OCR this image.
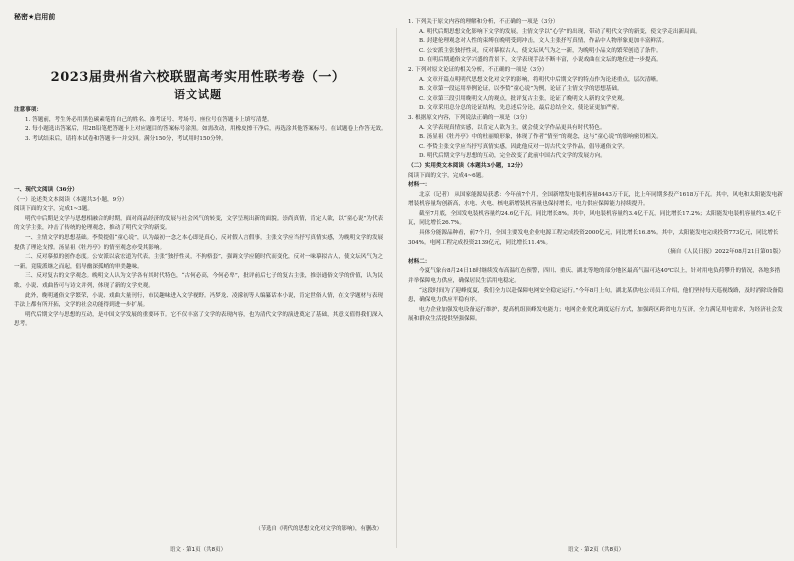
秘密★启用前
2023届贵州省六校联盟高考实用性联考卷（一）
语文试题

注意事项：

1. 答题前，考生务必用黑色碳素笔将自己的姓名、准考证号、考场号、座位号在答题卡上填写清楚。

2. 每小题选出答案后，用2B铅笔把答题卡上对应题目的答案标号涂黑。如需改动，用橡皮擦干净后，再选涂其他答案标号。在试题卷上作答无效。

3. 考试结束后，请将本试卷和答题卡一并交回。满分150分，考试用时150分钟。

一、现代文阅读（36分）

（一）论述类文本阅读（本题共3小题，9分）

阅读下面的文字，完成1~3题。

明代中后期是文学与思想相融合的时期，面对商品经济的发展与社会风气的转变，文学呈现出新的面貌。崇尚真情，肯定人欲，以“童心说”为代表的文学主张，冲击了传统的伦理观念，推动了明代文学的新变。

一、主情文学的思想基础。李贽提倡“童心说”，认为最初一念之本心即是真心，反对假人言假事，主张文学应当抒写真情实感，为晚明文学的发展提供了理论支撑。汤显祖《牡丹亭》的情至观念亦受其影响。

二、反对摹拟的创作态度。公安派以袁宏道为代表，主张“独抒性灵，不拘格套”，强调文学应随时代而变化，反对一味摹拟古人，使文坛风气为之一新。竟陵派继之而起，倡导幽深孤峭的审美趣味。

三、反对复古的文学观念。晚明文人认为文学各有其时代特色，“古何必高，今何必卑”，批评前后七子的复古主张，推崇通俗文学的价值，认为民歌、小说、戏曲皆可与诗文并列，体现了新的文学史观。

此外，晚明通俗文学繁荣，小说、戏曲大量刊行，市民趣味进入文学视野。冯梦龙、凌濛初等人编纂话本小说，肯定世俗人情，在文学题材与表现手法上都有所开拓，文学的社会功能得到进一步扩展。

明代后期文学与思想的互动，是中国文学发展的重要环节。它不仅丰富了文学的表现内容，也为清代文学的演进奠定了基础，其意义值得我们深入思考。

（节选自《明代的思想文化对文学的影响》，有删改）
语文 · 第1页（共8页）

1. 下列关于原文内容的理解和分析，不正确的一项是（3分）

A. 明代后期思想文化影响下文学的发展，主情文学以“心学”的出现，带动了明代文学的新变，使文学走出新局面。

B. 封建伦理观念对人性的束缚在晚明受到冲击，文人主张抒写真情，作品中人物形象更加丰富鲜活。

C. 公安派主张独抒性灵，反对摹拟古人，使文坛风气为之一新，为晚明小品文的繁荣创造了条件。

D. 在明后期通俗文学兴盛的背景下，文学表现手法不断丰富，小说戏曲在文坛的地位进一步提高。

2. 下列对原文论证的相关分析，不正确的一项是（3分）

A. 文章开篇点明明代思想文化对文学的影响，将明代中后期文学的特点作为论述重点，层次清晰。

B. 文章第一段运用举例论证，以李贽“童心说”为例，论证了主情文学的思想基础。

C. 文章第三段引用晚明文人的观点，批评复古主张，论证了晚明文人新的文学史观。

D. 文章采用总分总的论证结构，先总述后分论，最后总结全文，使论证更加严密。

3. 根据原文内容，下列说法正确的一项是（3分）

A. 文学表现真情实感，以肯定人欲为主，就会使文学作品更具有时代特色。

B. 汤显祖《牡丹亭》中的杜丽娘形象，体现了作者“情至”的观念，这与“童心说”的影响密切相关。

C. 李贽主张文学应当抒写真情实感，因此他反对一切古代文学作品，倡导通俗文学。

D. 明代后期文学与思想的互动，完全改变了此前中国古代文学的发展方向。

（二）实用类文本阅读（本题共3小题，12分）

阅读下面的文字，完成4~6题。

材料一：

北京（记者） 从国家能源局获悉：今年前7个月，全国新增发电装机容量8443万千瓦，比上年同期多投产1618万千瓦。其中，风电和太阳能发电新增装机容量均创新高，水电、火电、核电新增装机容量也保持增长，电力供应保障能力持续提升。

截至7月底，全国发电装机容量约24.6亿千瓦，同比增长8%。其中，风电装机容量约3.4亿千瓦，同比增长17.2%；太阳能发电装机容量约3.4亿千瓦，同比增长26.7%。

具体分能源品种看，前7个月，全国主要发电企业电源工程完成投资2000亿元，同比增长16.8%。其中，太阳能发电完成投资773亿元，同比增长304%。电网工程完成投资2139亿元，同比增长11.4%。

（摘自《人民日报》2022年08月21日第01版）

材料二：

今夏气象台8月24日18时继续发布高温红色预警，四川、重庆、湖北等地的部分地区最高气温可达40℃以上，针对用电负荷攀升的情况，各地多措并举保障电力供应，确保居民生活用电稳定。

“这段时间为了迎峰度夏，我们全力以赴保障电网安全稳定运行。”今年8月上旬，湖北某供电公司员工介绍，他们坚持每天巡视线路，及时消除设备隐患，确保电力供应平稳有序。

电力企业加强发电设备运行维护，提高机组顶峰发电能力；电网企业优化调度运行方式，加强跨区跨省电力互济，全力满足用电需求，为经济社会发展和群众生活提供坚强保障。

语文 · 第2页（共8页）
